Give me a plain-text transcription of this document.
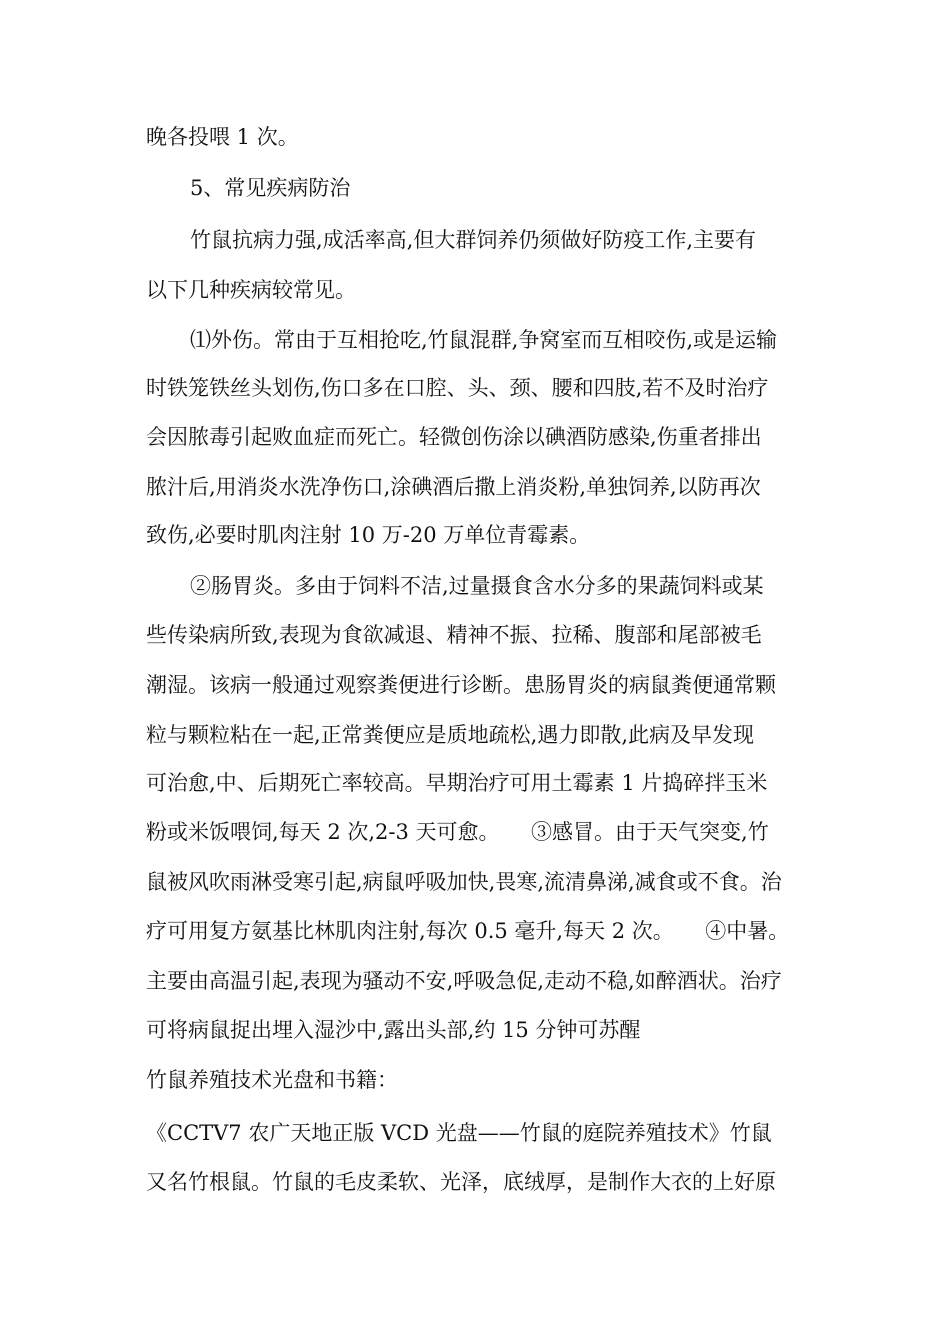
晚各投喂 1 次。
5、常见疾病防治
竹鼠抗病力强,成活率高,但大群饲养仍须做好防疫工作,主要有
以下几种疾病较常见。
⑴外伤。常由于互相抢吃,竹鼠混群,争窝室而互相咬伤,或是运输
时铁笼铁丝头划伤,伤口多在口腔、头、颈、腰和四肢,若不及时治疗
会因脓毒引起败血症而死亡。轻微创伤涂以碘酒防感染,伤重者排出
脓汁后,用消炎水洗净伤口,涂碘酒后撒上消炎粉,单独饲养,以防再次
致伤,必要时肌肉注射 10 万-20 万单位青霉素。
②肠胃炎。多由于饲料不洁,过量摄食含水分多的果蔬饲料或某
些传染病所致,表现为食欲减退、精神不振、拉稀、腹部和尾部被毛
潮湿。该病一般通过观察粪便进行诊断。患肠胃炎的病鼠粪便通常颗
粒与颗粒粘在一起,正常粪便应是质地疏松,遇力即散,此病及早发现
可治愈,中、后期死亡率较高。早期治疗可用土霉素 1 片捣碎拌玉米
粉或米饭喂饲,每天 2 次,2-3 天可愈。　　③感冒。由于天气突变,竹
鼠被风吹雨淋受寒引起,病鼠呼吸加快,畏寒,流清鼻涕,减食或不食。治
疗可用复方氨基比林肌肉注射,每次 0.5 毫升,每天 2 次。　　④中暑。
主要由高温引起,表现为骚动不安,呼吸急促,走动不稳,如醉酒状。治疗
可将病鼠捉出埋入湿沙中,露出头部,约 15 分钟可苏醒
竹鼠养殖技术光盘和书籍：
《CCTV7 农广天地正版 VCD 光盘——竹鼠的庭院养殖技术》竹鼠
又名竹根鼠。竹鼠的毛皮柔软、光泽，底绒厚，是制作大衣的上好原
